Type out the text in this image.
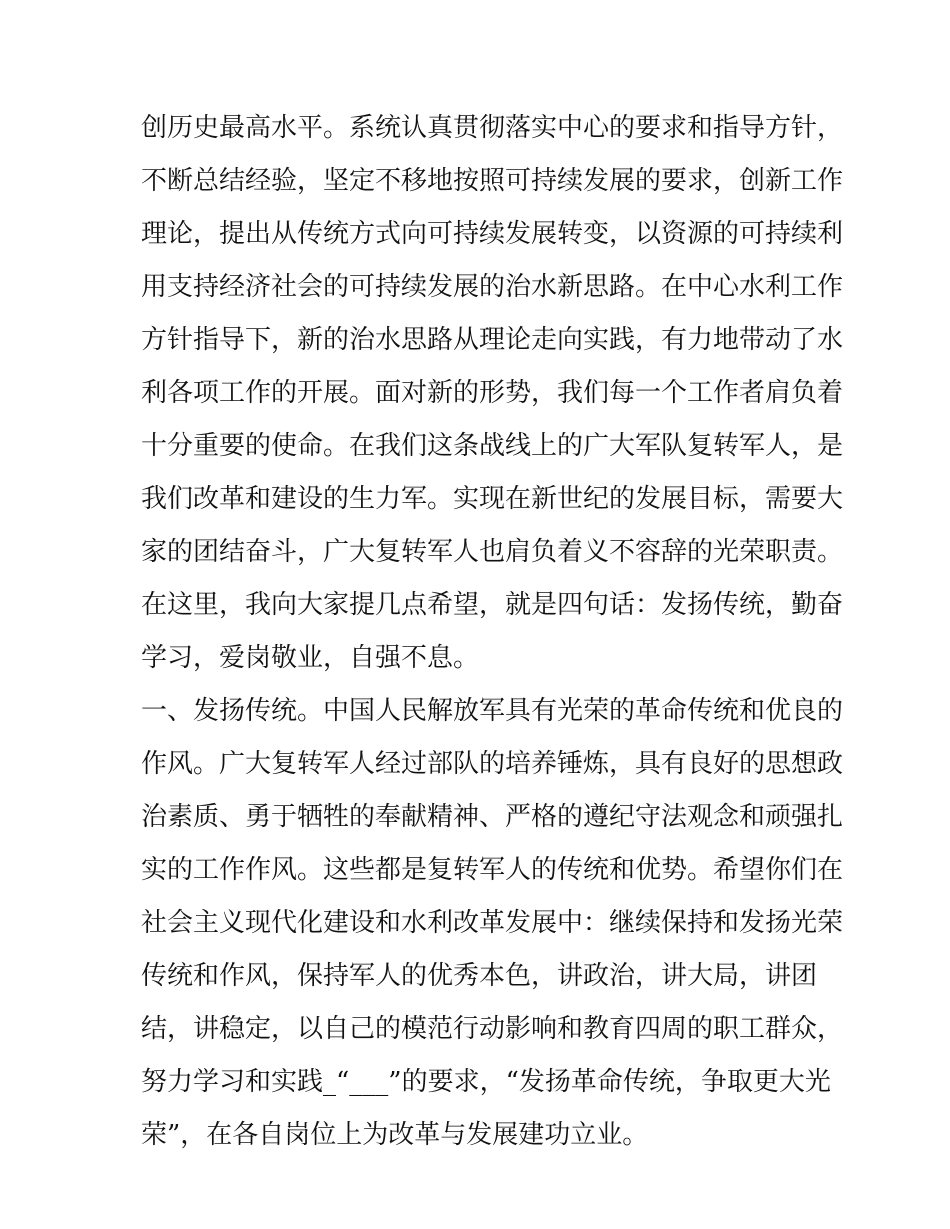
创历史最高水平。系统认真贯彻落实中心的要求和指导方针，
不断总结经验，坚定不移地按照可持续发展的要求，创新工作
理论，提出从传统方式向可持续发展转变，以资源的可持续利
用支持经济社会的可持续发展的治水新思路。在中心水利工作
方针指导下，新的治水思路从理论走向实践，有力地带动了水
利各项工作的开展。面对新的形势，我们每一个工作者肩负着
十分重要的使命。在我们这条战线上的广大军队复转军人，是
我们改革和建设的生力军。实现在新世纪的发展目标，需要大
家的团结奋斗，广大复转军人也肩负着义不容辞的光荣职责。
在这里，我向大家提几点希望，就是四句话：发扬传统，勤奋
学习，爱岗敬业，自强不息。
一、发扬传统。中国人民解放军具有光荣的革命传统和优良的
作风。广大复转军人经过部队的培养锤炼，具有良好的思想政
治素质、勇于牺牲的奉献精神、严格的遵纪守法观念和顽强扎
实的工作作风。这些都是复转军人的传统和优势。希望你们在
社会主义现代化建设和水利改革发展中：继续保持和发扬光荣
传统和作风，保持军人的优秀本色，讲政治，讲大局，讲团
结，讲稳定，以自己的模范行动影响和教育四周的职工群众，
努力学习和实践_“___”的要求，“发扬革命传统，争取更大光
荣”，在各自岗位上为改革与发展建功立业。
